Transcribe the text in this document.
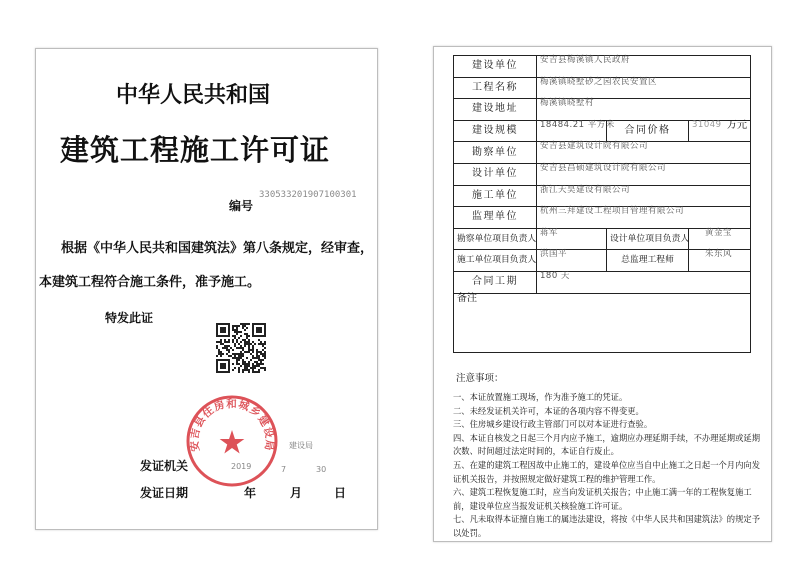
中华人民共和国
建筑工程施工许可证
330533201907100301
编号
根据《中华人民共和国建筑法》第八条规定，经审查，
本建筑工程符合施工条件，准予施工。
特发此证
安吉县住房和城乡建设局 建设局
发证机关	2019	7	30
发证日期	年	月	日
建设单位	安吉县梅溪镇人民政府		
工程名称	梅溪镇晓墅砂之园农民安置区		
建设地址	梅溪镇晓墅村		
建设规模	18484.21 平方米	合同价格	31049 万元

勘察单位	安吉县建筑设计院有限公司		
设计单位	安吉县昌硕建筑设计院有限公司		
施工单位	浙江天昊建设有限公司		
监理单位	杭州三拜建设工程项目管理有限公司		
勘察单位项目负责人	蒋军	设计单位项目负责人	黄金宝
施工单位项目负责人	洪国平	总监理工程师	朱东风
合同工期	180 天		
备注			
注意事项：
一、本证放置施工现场，作为准予施工的凭证。
二、未经发证机关许可，本证的各项内容不得变更。
三、住房城乡建设行政主管部门可以对本证进行查验。
四、本证自核发之日起三个月内应予施工，逾期应办理延期手续，不办理延期或延期
次数、时间超过法定时间的，本证自行废止。
五、在建的建筑工程因故中止施工的，建设单位应当自中止施工之日起一个月内向发
证机关报告，并按照规定做好建筑工程的维护管理工作。
六、建筑工程恢复施工时，应当向发证机关报告；中止施工满一年的工程恢复施工
前，建设单位应当报发证机关核验施工许可证。
七、凡未取得本证擅自施工的属违法建设，将按《中华人民共和国建筑法》的规定予
以处罚。
